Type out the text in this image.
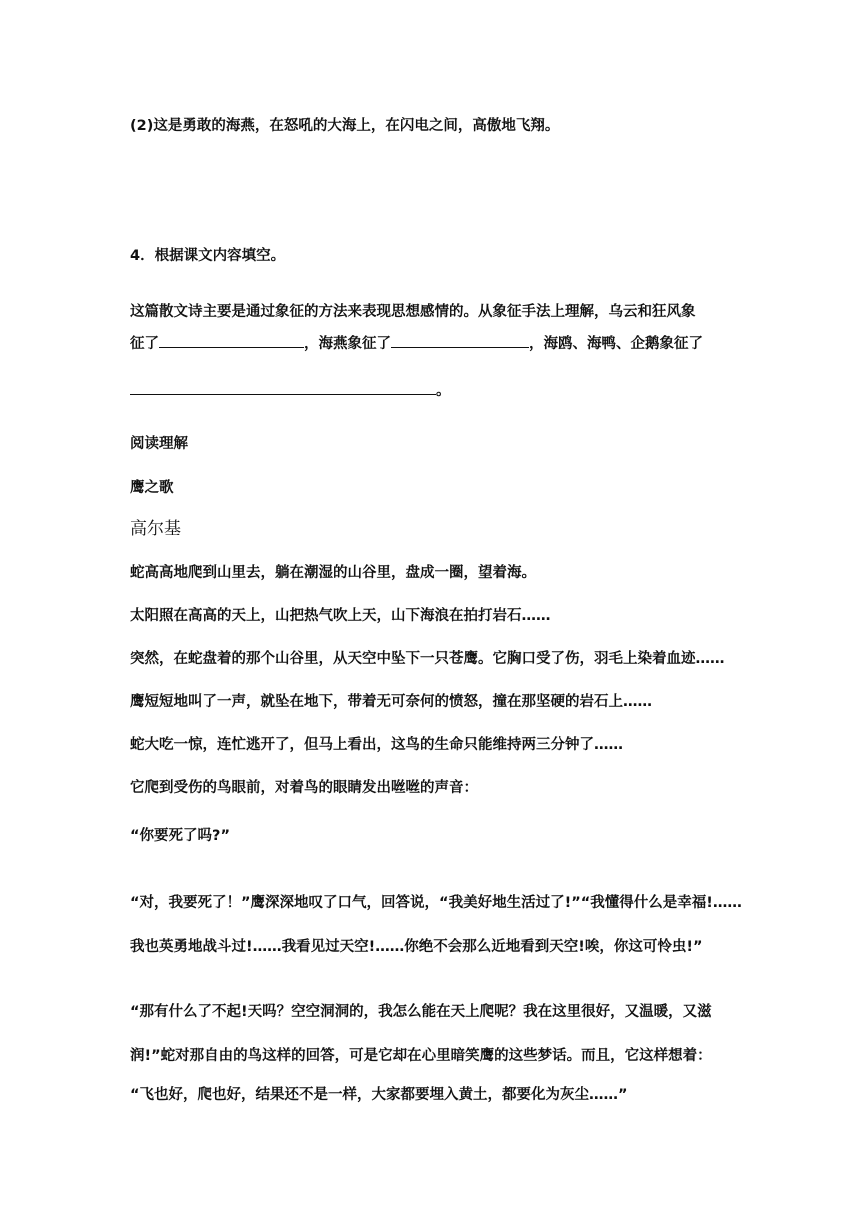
(2)这是勇敢的海燕，在怒吼的大海上，在闪电之间，高傲地飞翔。
4．根据课文内容填空。
这篇散文诗主要是通过象征的方法来表现思想感情的。从象征手法上理解，乌云和狂风象
征了	，海燕象征了	，海鸥、海鸭、企鹅象征了
。
阅读理解
鹰之歌
高尔基
蛇高高地爬到山里去，躺在潮湿的山谷里，盘成一圈，望着海。
太阳照在高高的天上，山把热气吹上天，山下海浪在拍打岩石……
突然，在蛇盘着的那个山谷里，从天空中坠下一只苍鹰。它胸口受了伤，羽毛上染着血迹……
鹰短短地叫了一声，就坠在地下，带着无可奈何的愤怒，撞在那坚硬的岩石上……
蛇大吃一惊，连忙逃开了，但马上看出，这鸟的生命只能维持两三分钟了……
它爬到受伤的鸟眼前，对着鸟的眼睛发出咝咝的声音：
“你要死了吗?”
“对，我要死了！”鹰深深地叹了口气，回答说，“我美好地生活过了!”“我懂得什么是幸福!……
我也英勇地战斗过!……我看见过天空!……你绝不会那么近地看到天空!唉，你这可怜虫!”
“那有什么了不起!天吗？空空洞洞的，我怎么能在天上爬呢？我在这里很好，又温暖，又滋
润!”蛇对那自由的鸟这样的回答，可是它却在心里暗笑鹰的这些梦话。而且，它这样想着：
“飞也好，爬也好，结果还不是一样，大家都要埋入黄土，都要化为灰尘……”
